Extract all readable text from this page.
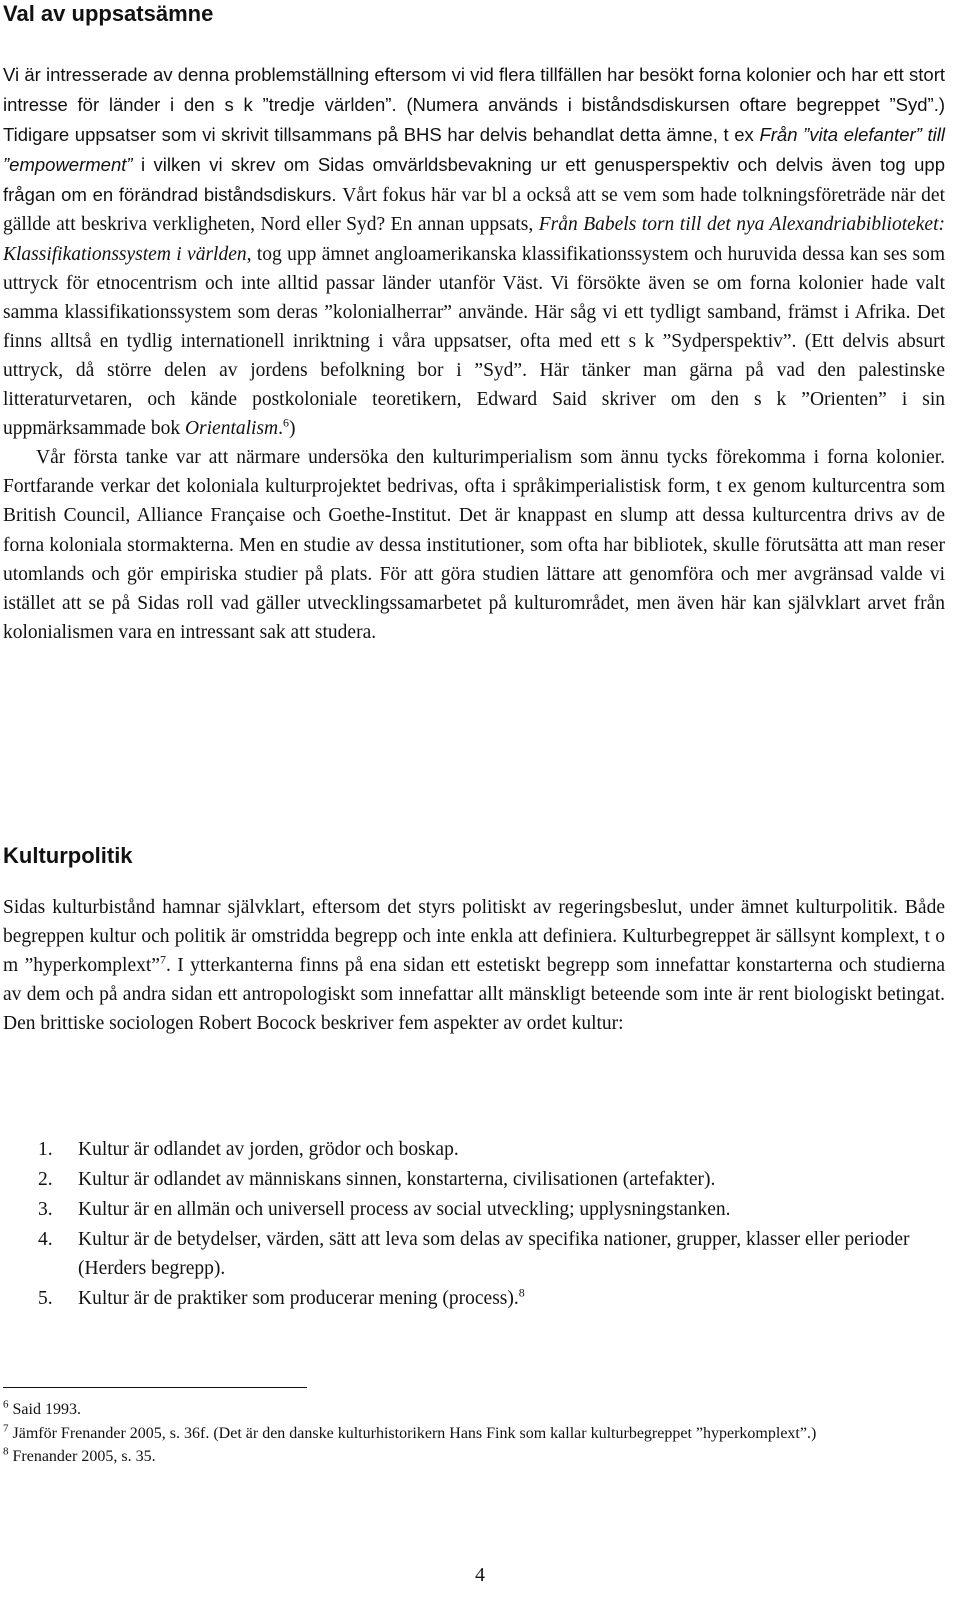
Val av uppsatsämne

Vi är intresserade av denna problemställning eftersom vi vid flera tillfällen har besökt forna kolonier och har ett stort intresse för länder i den s k ”tredje världen”. (Numera används i biståndsdiskursen oftare begreppet ”Syd”.) Tidigare uppsatser som vi skrivit tillsammans på BHS har delvis behandlat detta ämne, t ex Från ”vita elefanter” till ”empowerment” i vilken vi skrev om Sidas omvärldsbevakning ur ett genusperspektiv och delvis även tog upp frågan om en förändrad biståndsdiskurs. Vårt fokus här var bl a också att se vem som hade tolkningsföreträde när det gällde att beskriva verkligheten, Nord eller Syd? En annan uppsats, Från Babels torn till det nya Alexandriabiblioteket: Klassifikationssystem i världen, tog upp ämnet angloamerikanska klassifikationssystem och huruvida dessa kan ses som uttryck för etnocentrism och inte alltid passar länder utanför Väst. Vi försökte även se om forna kolonier hade valt samma klassifikationssystem som deras ”kolonialherrar” använde. Här såg vi ett tydligt samband, främst i Afrika. Det finns alltså en tydlig internationell inriktning i våra uppsatser, ofta med ett s k ”Sydperspektiv”. (Ett delvis absurt uttryck, då större delen av jordens befolkning bor i ”Syd”. Här tänker man gärna på vad den palestinske litteraturvetaren, och kände postkoloniale teoretikern, Edward Said skriver om den s k ”Orienten” i sin uppmärksammade bok Orientalism.$^6$)

Vår första tanke var att närmare undersöka den kulturimperialism som ännu tycks förekomma i forna kolonier. Fortfarande verkar det koloniala kulturprojektet bedrivas, ofta i språkimperialistisk form, t ex genom kulturcentra som British Council, Alliance Française och Goethe-Institut. Det är knappast en slump att dessa kulturcentra drivs av de forna koloniala stormakterna. Men en studie av dessa institutioner, som ofta har bibliotek, skulle förutsätta att man reser utomlands och gör empiriska studier på plats. För att göra studien lättare att genomföra och mer avgränsad valde vi istället att se på Sidas roll vad gäller utvecklingssamarbetet på kulturområdet, men även här kan självklart arvet från kolonialismen vara en intressant sak att studera.

Kulturpolitik

Sidas kulturbistånd hamnar självklart, eftersom det styrs politiskt av regeringsbeslut, under ämnet kulturpolitik. Både begreppen kultur och politik är omstridda begrepp och inte enkla att definiera. Kulturbegreppet är sällsynt komplext, t o m ”hyperkomplext”$^7$. I ytterkanterna finns på ena sidan ett estetiskt begrepp som innefattar konstarterna och studierna av dem och på andra sidan ett antropologiskt som innefattar allt mänskligt beteende som inte är rent biologiskt betingat. Den brittiske sociologen Robert Bocock beskriver fem aspekter av ordet kultur:

1. Kultur är odlandet av jorden, grödor och boskap.
2. Kultur är odlandet av människans sinnen, konstarterna, civilisationen (artefakter).
3. Kultur är en allmän och universell process av social utveckling; upplysningstanken.
4. Kultur är de betydelser, värden, sätt att leva som delas av specifika nationer, grupper, klasser eller perioder (Herders begrepp).
5. Kultur är de praktiker som producerar mening (process).$^8$

$^6$ Said 1993.

$^7$ Jämför Frenander 2005, s. 36f. (Det är den danske kulturhistorikern Hans Fink som kallar kulturbegreppet ”hyperkomplext”.)

$^8$ Frenander 2005, s. 35.

4
